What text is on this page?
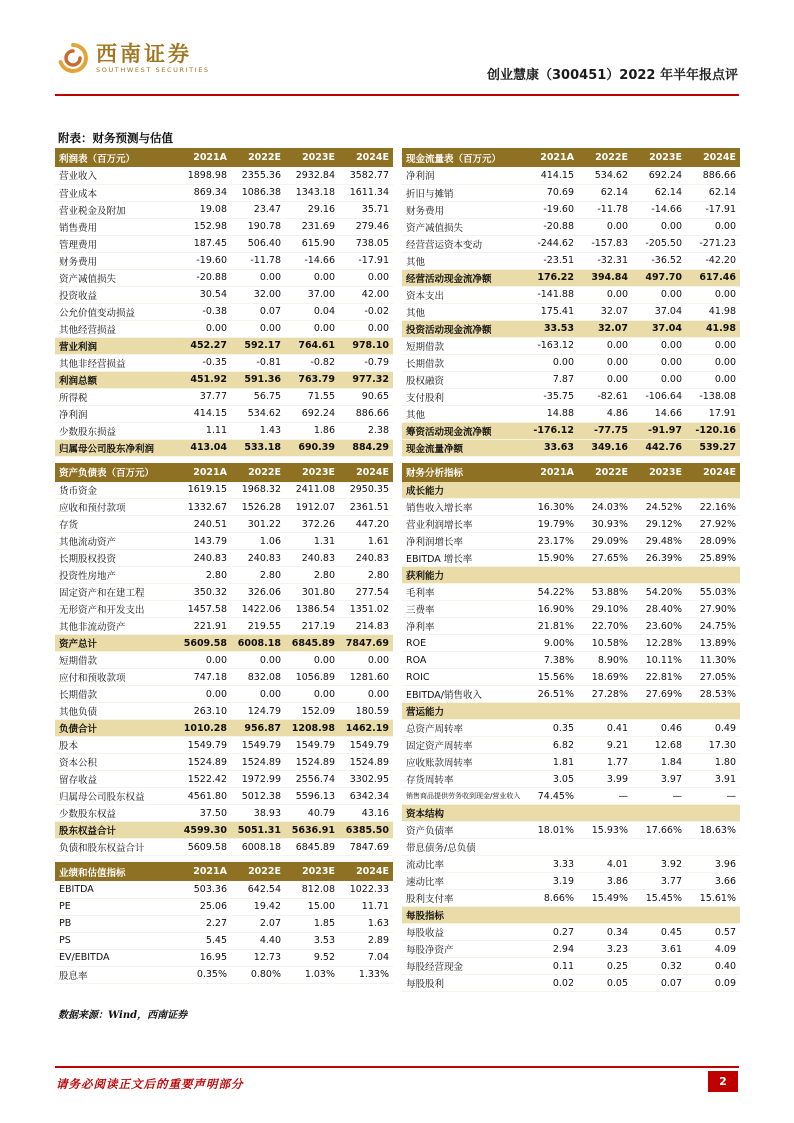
西南证券
SOUTHWEST SECURITIES	创业慧康（300451）2022 年半年报点评
附表：财务预测与估值
利润表（百万元）	2021A	2022E	2023E	2024E
营业收入	1898.98	2355.36	2932.84	3582.77
营业成本	869.34	1086.38	1343.18	1611.34
营业税金及附加	19.08	23.47	29.16	35.71
销售费用	152.98	190.78	231.69	279.46
管理费用	187.45	506.40	615.90	738.05
财务费用	-19.60	-11.78	-14.66	-17.91
资产减值损失	-20.88	0.00	0.00	0.00
投资收益	30.54	32.00	37.00	42.00
公允价值变动损益	-0.38	0.07	0.04	-0.02
其他经营损益	0.00	0.00	0.00	0.00
营业利润	452.27	592.17	764.61	978.10
其他非经营损益	-0.35	-0.81	-0.82	-0.79
利润总额	451.92	591.36	763.79	977.32
所得税	37.77	56.75	71.55	90.65
净利润	414.15	534.62	692.24	886.66
少数股东损益	1.11	1.43	1.86	2.38
归属母公司股东净利润	413.04	533.18	690.39	884.29
资产负债表（百万元）	2021A	2022E	2023E	2024E
货币资金	1619.15	1968.32	2411.08	2950.35
应收和预付款项	1332.67	1526.28	1912.07	2361.51
存货	240.51	301.22	372.26	447.20
其他流动资产	143.79	1.06	1.31	1.61
长期股权投资	240.83	240.83	240.83	240.83
投资性房地产	2.80	2.80	2.80	2.80
固定资产和在建工程	350.32	326.06	301.80	277.54
无形资产和开发支出	1457.58	1422.06	1386.54	1351.02
其他非流动资产	221.91	219.55	217.19	214.83
资产总计	5609.58	6008.18	6845.89	7847.69
短期借款	0.00	0.00	0.00	0.00
应付和预收款项	747.18	832.08	1056.89	1281.60
长期借款	0.00	0.00	0.00	0.00
其他负债	263.10	124.79	152.09	180.59
负债合计	1010.28	956.87	1208.98	1462.19
股本	1549.79	1549.79	1549.79	1549.79
资本公积	1524.89	1524.89	1524.89	1524.89
留存收益	1522.42	1972.99	2556.74	3302.95
归属母公司股东权益	4561.80	5012.38	5596.13	6342.34
少数股东权益	37.50	38.93	40.79	43.16
股东权益合计	4599.30	5051.31	5636.91	6385.50
负债和股东权益合计	5609.58	6008.18	6845.89	7847.69
业绩和估值指标	2021A	2022E	2023E	2024E
EBITDA	503.36	642.54	812.08	1022.33
PE	25.06	19.42	15.00	11.71
PB	2.27	2.07	1.85	1.63
PS	5.45	4.40	3.53	2.89
EV/EBITDA	16.95	12.73	9.52	7.04
股息率	0.35%	0.80%	1.03%	1.33%
现金流量表（百万元）	2021A	2022E	2023E	2024E
净利润	414.15	534.62	692.24	886.66
折旧与摊销	70.69	62.14	62.14	62.14
财务费用	-19.60	-11.78	-14.66	-17.91
资产减值损失	-20.88	0.00	0.00	0.00
经营营运资本变动	-244.62	-157.83	-205.50	-271.23
其他	-23.51	-32.31	-36.52	-42.20
经营活动现金流净额	176.22	394.84	497.70	617.46
资本支出	-141.88	0.00	0.00	0.00
其他	175.41	32.07	37.04	41.98
投资活动现金流净额	33.53	32.07	37.04	41.98
短期借款	-163.12	0.00	0.00	0.00
长期借款	0.00	0.00	0.00	0.00
股权融资	7.87	0.00	0.00	0.00
支付股利	-35.75	-82.61	-106.64	-138.08
其他	14.88	4.86	14.66	17.91
筹资活动现金流净额	-176.12	-77.75	-91.97	-120.16
现金流量净额	33.63	349.16	442.76	539.27
财务分析指标	2021A	2022E	2023E	2024E
成长能力				
销售收入增长率	16.30%	24.03%	24.52%	22.16%
营业利润增长率	19.79%	30.93%	29.12%	27.92%
净利润增长率	23.17%	29.09%	29.48%	28.09%
EBITDA 增长率	15.90%	27.65%	26.39%	25.89%
获利能力				
毛利率	54.22%	53.88%	54.20%	55.03%
三费率	16.90%	29.10%	28.40%	27.90%
净利率	21.81%	22.70%	23.60%	24.75%
ROE	9.00%	10.58%	12.28%	13.89%
ROA	7.38%	8.90%	10.11%	11.30%
ROIC	15.56%	18.69%	22.81%	27.05%
EBITDA/销售收入	26.51%	27.28%	27.69%	28.53%
营运能力				
总资产周转率	0.35	0.41	0.46	0.49
固定资产周转率	6.82	9.21	12.68	17.30
应收账款周转率	1.81	1.77	1.84	1.80
存货周转率	3.05	3.99	3.97	3.91
销售商品提供劳务收到现金/营业收入	74.45%	—	—	—
资本结构				
资产负债率	18.01%	15.93%	17.66%	18.63%
带息债务/总负债				
流动比率	3.33	4.01	3.92	3.96
速动比率	3.19	3.86	3.77	3.66
股利支付率	8.66%	15.49%	15.45%	15.61%
每股指标				
每股收益	0.27	0.34	0.45	0.57
每股净资产	2.94	3.23	3.61	4.09
每股经营现金	0.11	0.25	0.32	0.40
每股股利	0.02	0.05	0.07	0.09
数据来源：Wind，西南证券
请务必阅读正文后的重要声明部分	2
